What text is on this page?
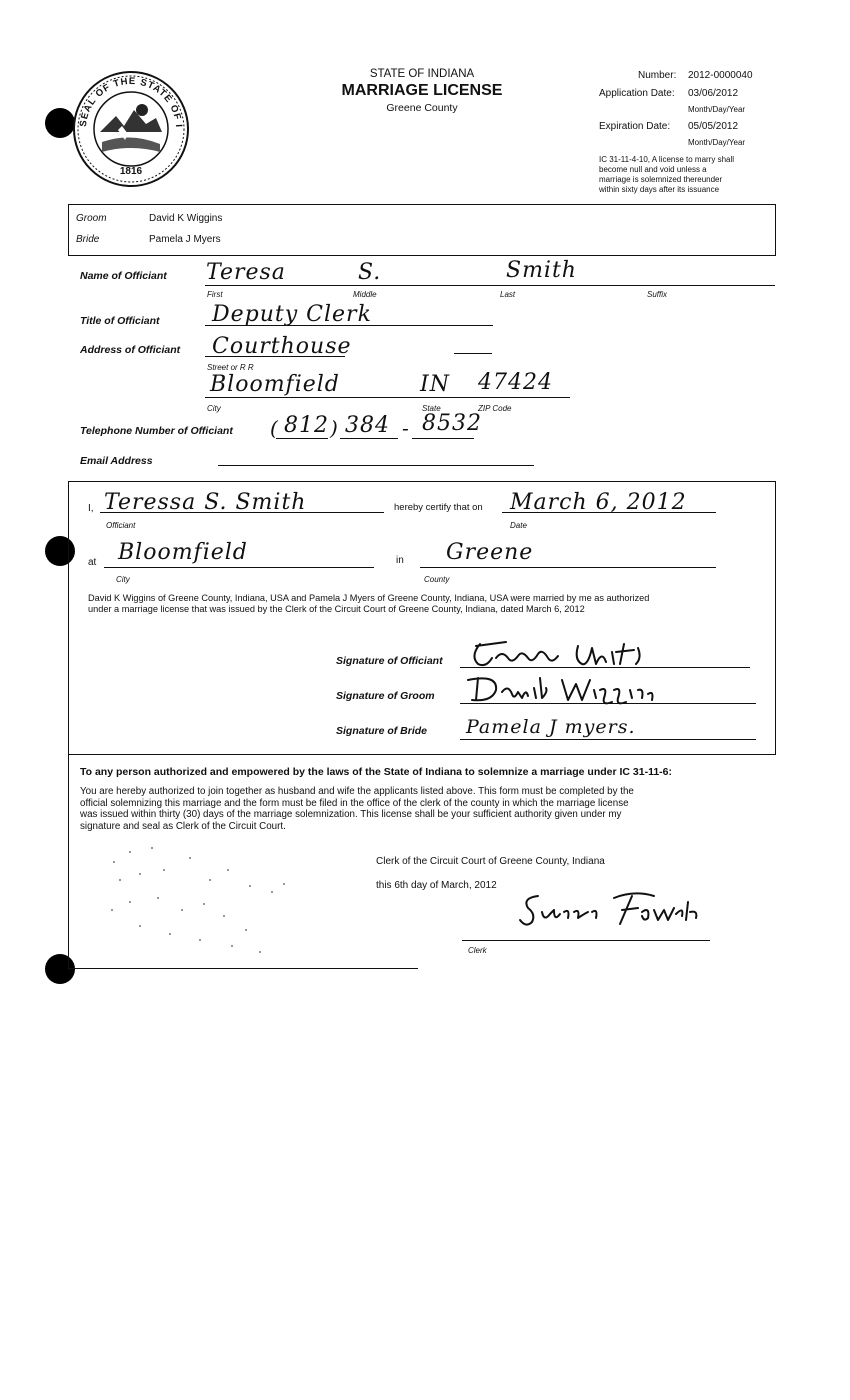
SEAL OF THE STATE OF I
1816
STATE OF INDIANA
MARRIAGE LICENSE
Greene County
Number: 2012-0000040
Application Date: 03/06/2012
Month/Day/Year
Expiration Date: 05/05/2012
Month/Day/Year
IC 31-11-4-10, A license to marry shall
become null and void unless a
marriage is solemnized thereunder
within sixty days after its issuance
Groom	David K Wiggins
Bride	Pamela J Myers
Name of Officiant Teresa	S.	Smith
First	Middle	Last	Suffix
Title of Officiant Deputy Clerk
Address of Officiant Courthouse
Street or R R
Bloomfield	IN 47424
City	State	ZIP Code
Telephone Number of Officiant ( 812 ) 384 - 8532
Email Address
I, Teressa S. Smith
Officiant
hereby certify that on March 6, 2012
Date
at Bloomfield
City
in Greene
County
David K Wiggins of Greene County, Indiana, USA and Pamela J Myers of Greene County, Indiana, USA were married by me as authorized
under a marriage license that was issued by the Clerk of the Circuit Court of Greene County, Indiana, dated March 6, 2012
Signature of Officiant
Signature of Groom
Signature of Bride Pamela J myers.
To any person authorized and empowered by the laws of the State of Indiana to solemnize a marriage under IC 31-11-6:
You are hereby authorized to join together as husband and wife the applicants listed above. This form must be completed by the
official solemnizing this marriage and the form must be filed in the office of the clerk of the county in which the marriage license
was issued within thirty (30) days of the marriage solemnization. This license shall be your sufficient authority given under my
signature and seal as Clerk of the Circuit Court.
Clerk of the Circuit Court of Greene County, Indiana
this 6th day of March, 2012
Clerk
